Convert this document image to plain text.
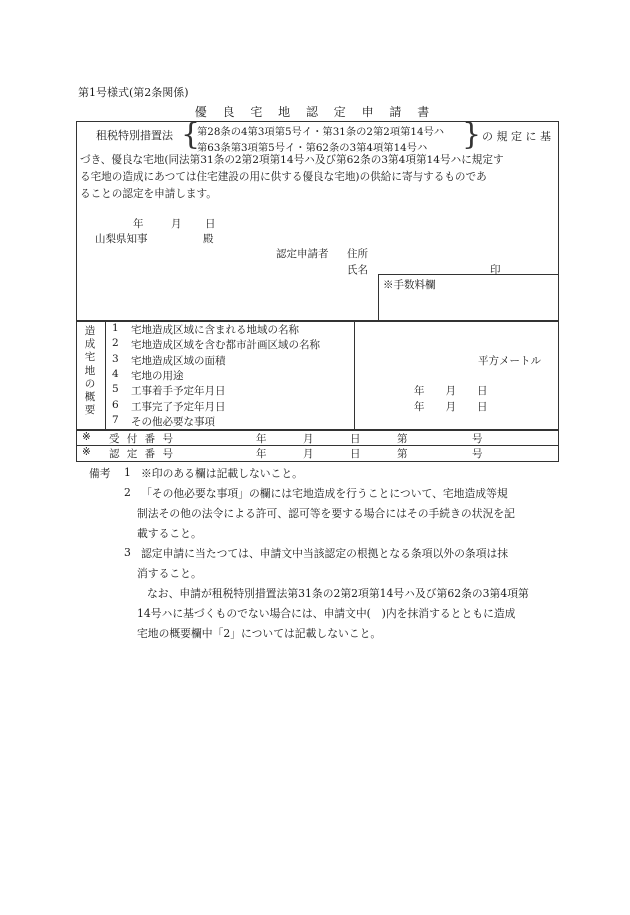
第1号様式(第2条関係)
優 良 宅 地 認 定 申 請 書
租税特別措置法 {
第28条の4第3項第5号イ・第31条の2第2項第14号ハ
第63条第3項第5号イ・第62条の3第4項第14号ハ } の 規 定 に 基
づき、優良な宅地(同法第31条の2第2項第14号ハ及び第62条の3第4項第14号ハに規定す
る宅地の造成にあつては住宅建設の用に供する優良な宅地)の供給に寄与するものであ
ることの認定を申請します。
年	月 日
山梨県知事	殿
認定申請者 住所
氏名	印
※手数料欄
造成宅地の概要
1 宅地造成区域に含まれる地域の名称
2 宅地造成区域を含む都市計画区域の名称
3 宅地造成区域の面積	平方メートル
4 宅地の用途
5 工事着手予定年月日	年　　月　　日
6 工事完了予定年月日	年　　月　　日
7 その他必要な事項
※ 受 付 番 号	年	月	日	第	号
※ 認 定 番 号	年	月	日	第	号
備考 1 ※印のある欄は記載しないこと。
2 「その他必要な事項」の欄には宅地造成を行うことについて、宅地造成等規
制法その他の法令による許可、認可等を要する場合にはその手続きの状況を記
載すること。
3 認定申請に当たつては、申請文中当該認定の根拠となる条項以外の条項は抹
消すること。
なお、申請が租税特別措置法第31条の2第2項第14号ハ及び第62条の3第4項第
14号ハに基づくものでない場合には、申請文中(　)内を抹消するとともに造成
宅地の概要欄中「2」については記載しないこと。
